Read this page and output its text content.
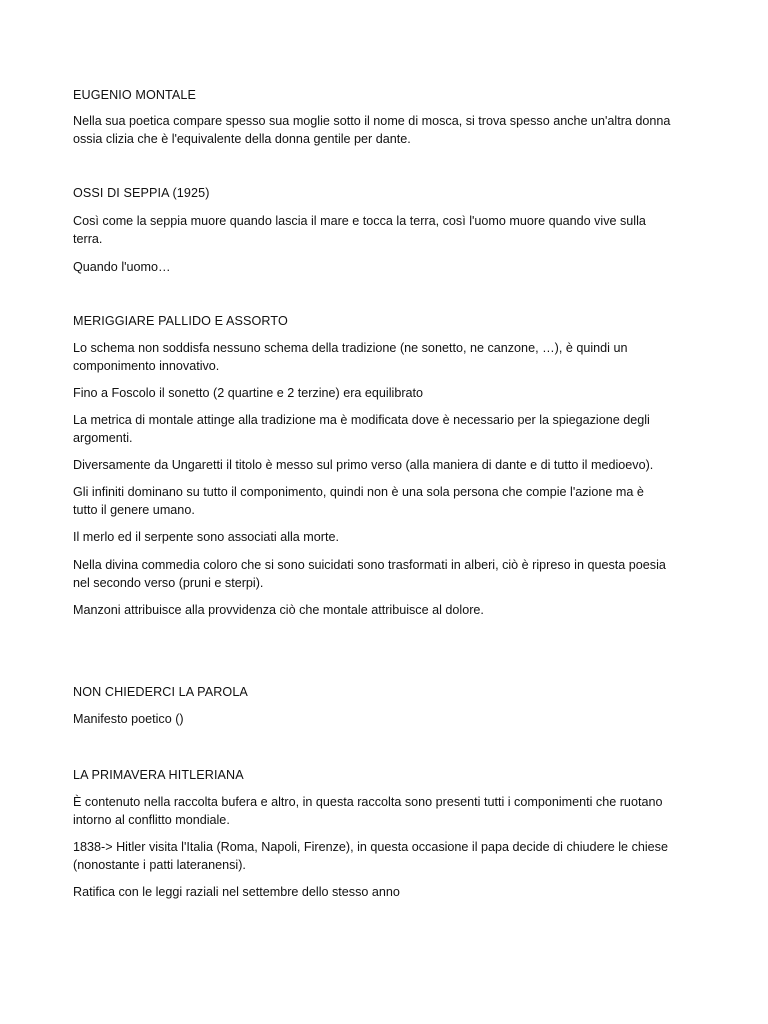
EUGENIO MONTALE

Nella sua poetica compare spesso sua moglie sotto il nome di mosca, si trova spesso anche un'altra donna

ossia clizia che è l'equivalente della donna gentile per dante.

OSSI DI SEPPIA (1925)

Così come la seppia muore quando lascia il mare e tocca la terra, così l'uomo muore quando vive sulla

terra.

Quando l'uomo…

MERIGGIARE PALLIDO E ASSORTO

Lo schema non soddisfa nessuno schema della tradizione (ne sonetto, ne canzone, …), è quindi un

componimento innovativo.

Fino a Foscolo il sonetto (2 quartine e 2 terzine) era equilibrato

La metrica di montale attinge alla tradizione ma è modificata dove è necessario per la spiegazione degli

argomenti.

Diversamente da Ungaretti il titolo è messo sul primo verso (alla maniera di dante e di tutto il medioevo).

Gli infiniti dominano su tutto il componimento, quindi non è una sola persona che compie l'azione ma è

tutto il genere umano.

Il merlo ed il serpente sono associati alla morte.

Nella divina commedia coloro che si sono suicidati sono trasformati in alberi, ciò è ripreso in questa poesia

nel secondo verso (pruni e sterpi).

Manzoni attribuisce alla provvidenza ciò che montale attribuisce al dolore.

NON CHIEDERCI LA PAROLA

Manifesto poetico ()

LA PRIMAVERA HITLERIANA

È contenuto nella raccolta bufera e altro, in questa raccolta sono presenti tutti i componimenti che ruotano

intorno al conflitto mondiale.

1838-> Hitler visita l'Italia (Roma, Napoli, Firenze), in questa occasione il papa decide di chiudere le chiese

(nonostante i patti lateranensi).

Ratifica con le leggi raziali nel settembre dello stesso anno
